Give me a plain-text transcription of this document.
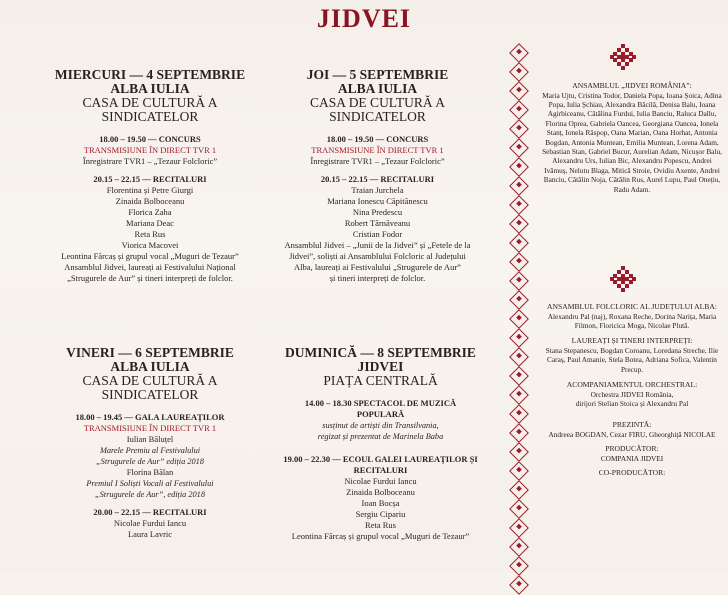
JIDVEI
MIERCURI — 4 SEPTEMBRIE
ALBA IULIA
CASA DE CULTURĂ A
SINDICATELOR
18.00 – 19.50 — CONCURS
TRANSMISIUNE ÎN DIRECT TVR 1
Înregistrare TVR1 – „Tezaur Folcloric”
20.15 – 22.15 — RECITALURI
Florentina și Petre Giurgi
Zinaida Bolboceanu
Florica Zaha
Mariana Deac
Reta Rus
Viorica Macovei
Leontina Fărcaș și grupul vocal „Muguri de Tezaur”
Ansamblul Jidvei, laureați ai Festivalului Național
„Strugurele de Aur” și tineri interpreți de folclor.
JOI — 5 SEPTEMBRIE
ALBA IULIA
CASA DE CULTURĂ A
SINDICATELOR
18.00 – 19.50 — CONCURS
TRANSMISIUNE ÎN DIRECT TVR 1
Înregistrare TVR1 – „Tezaur Folcloric”
20.15 – 22.15 — RECITALURI
Traian Jurchela
Mariana Ionescu Căpitănescu
Nina Predescu
Robert Tărnăveanu
Cristian Fodor
Ansamblul Jidvei – „Junii de la Jidvei” și „Fetele de la
Jidvei”, soliști ai Ansamblului Folcloric al Județului
Alba, laureați ai Festivalului „Strugurele de Aur”
și tineri interpreți de folclor.
VINERI — 6 SEPTEMBRIE
ALBA IULIA
CASA DE CULTURĂ A
SINDICATELOR
18.00 – 19.45 — GALA LAUREAȚILOR
TRANSMISIUNE ÎN DIRECT TVR 1
Iulian Băluțel
Marele Premiu al Festivalului
„Strugurele de Aur” ediția 2018
Florina Bălan
Premiul I Soliști Vocali al Festivalului
„Strugurele de Aur”, ediția 2018
20.00 – 22.15 — RECITALURI
Nicolae Furdui Iancu
Laura Lavric
DUMINICĂ — 8 SEPTEMBRIE
JIDVEI
PIAȚA CENTRALĂ
14.00 – 18.30 SPECTACOL DE MUZICĂ
POPULARĂ
susținut de artiști din Transilvania,
regizat și prezentat de Marinela Baba
19.00 – 22.30 — ECOUL GALEI LAUREAȚILOR ȘI
RECITALURI
Nicolae Furdui Iancu
Zinaida Bolboceanu
Ioan Bocșa
Sergiu Cipariu
Reta Rus
Leontina Fărcaș și grupul vocal „Muguri de Tezaur”
ANSAMBLUL „JIDVEI ROMÂNIA”:
Maria Ujtu, Cristina Todor, Daniela Popa, Ioana Șoica, Adina Popa, Iulia Șchiau, Alexandra Băcilă, Denisa Balu, Ioana Agirbiceanu, Cătălina Furdui, Iulia Banciu, Raluca Dallu, Florina Oprea, Gabriela Oancea, Georgiana Oancea, Ionela Stanț, Ionela Râspop, Oana Marian, Oana Horhat, Antonia Bogdan, Antonia Muntean, Emilia Muntean, Lorena Adam, Sebastian Stan, Gabriel Bucur, Aurelian Adam, Nicușor Balu, Alexandru Urs, Iulian Bic, Alexandru Popescu, Andrei Ivămuș, Nelutu Blaga, Mitică Stroie, Ovidiu Axente, Andrei Banciu, Cătălin Noja, Cătălin Rus, Aurel Lupu, Paul Onețiu, Radu Adam.
ANSAMBLUL FOLCLORIC AL JUDEȚULUI ALBA:
Alexandru Pal (naj), Roxana Reche, Dorina Narița, Maria Filmon, Floricica Moga, Nicolae Plută.
LAUREAȚI ȘI TINERI INTERPREȚI:
Stana Stepanescu, Bogdan Coroanu, Loredana Streche, Ilie Caraș, Paul Amanie, Stela Botea, Adriana Sofica, Valentin Precup.
ACOMPANIAMENTUL ORCHESTRAL:
Orchestra JIDVEI România,
dirijori Stelian Stoica și Alexandru Pal
PREZINTĂ:
Andreea BOGDAN, Cezar FIRU, Gheorghiță NICOLAE
PRODUCĂTOR:
COMPANIA JIDVEI
CO-PRODUCĂTOR:
